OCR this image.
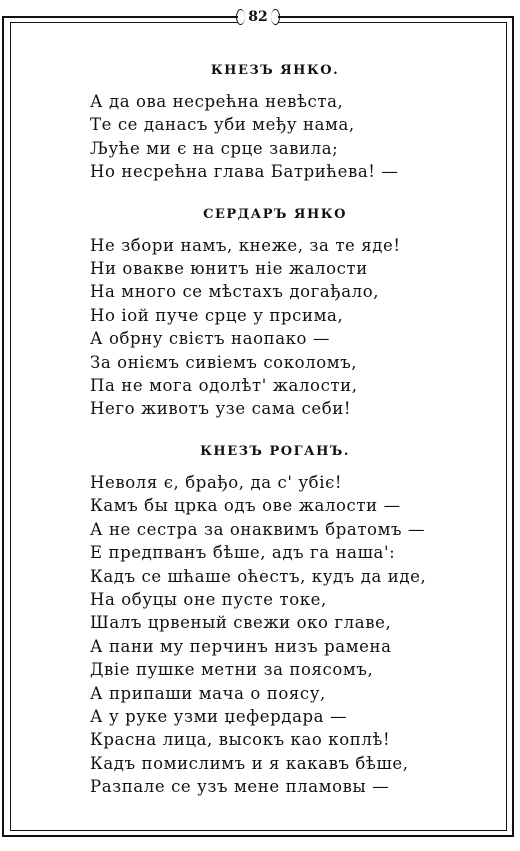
82
КНЕЗЪ ЯНКО.
А да ова несрећна невѣста,
Те се данасъ уби међу нама,
Љуће ми є на срце завила;
Но несрећна глава Батрићева! —
СЕРДАРЪ ЯНКО
Не збори намъ, кнеже, за те яде!
Ни овакве юнитъ ніе жалости
На много се мѣстахъ догађало,
Но іой пуче срце у прсима,
А обрну свієтъ наопако —
За оніємъ сивіемъ соколомъ,
Па не мога одолѣт' жалости,
Него животъ узе сама себи!
КНЕЗЪ РОГАНЪ.
Неволя є, брађо, да с' убіє!
Камъ бы црка одъ ове жалости —
А не сестра за онаквимъ братомъ —
Е предпванъ бѣше, адъ га наша':
Кадъ се шћаше оћестъ, кудъ да иде,
На обуцы оне пусте токе,
Шалъ црвеный свежи око главе,
А пани му перчинъ низъ рамена
Двіе пушке метни за поясомъ,
А припаши мача о поясу,
А у руке узми џефердара —
Красна лица, высокъ као коплѣ!
Кадъ помислимъ и я какавъ бѣше,
Разпале се узъ мене пламовы —
